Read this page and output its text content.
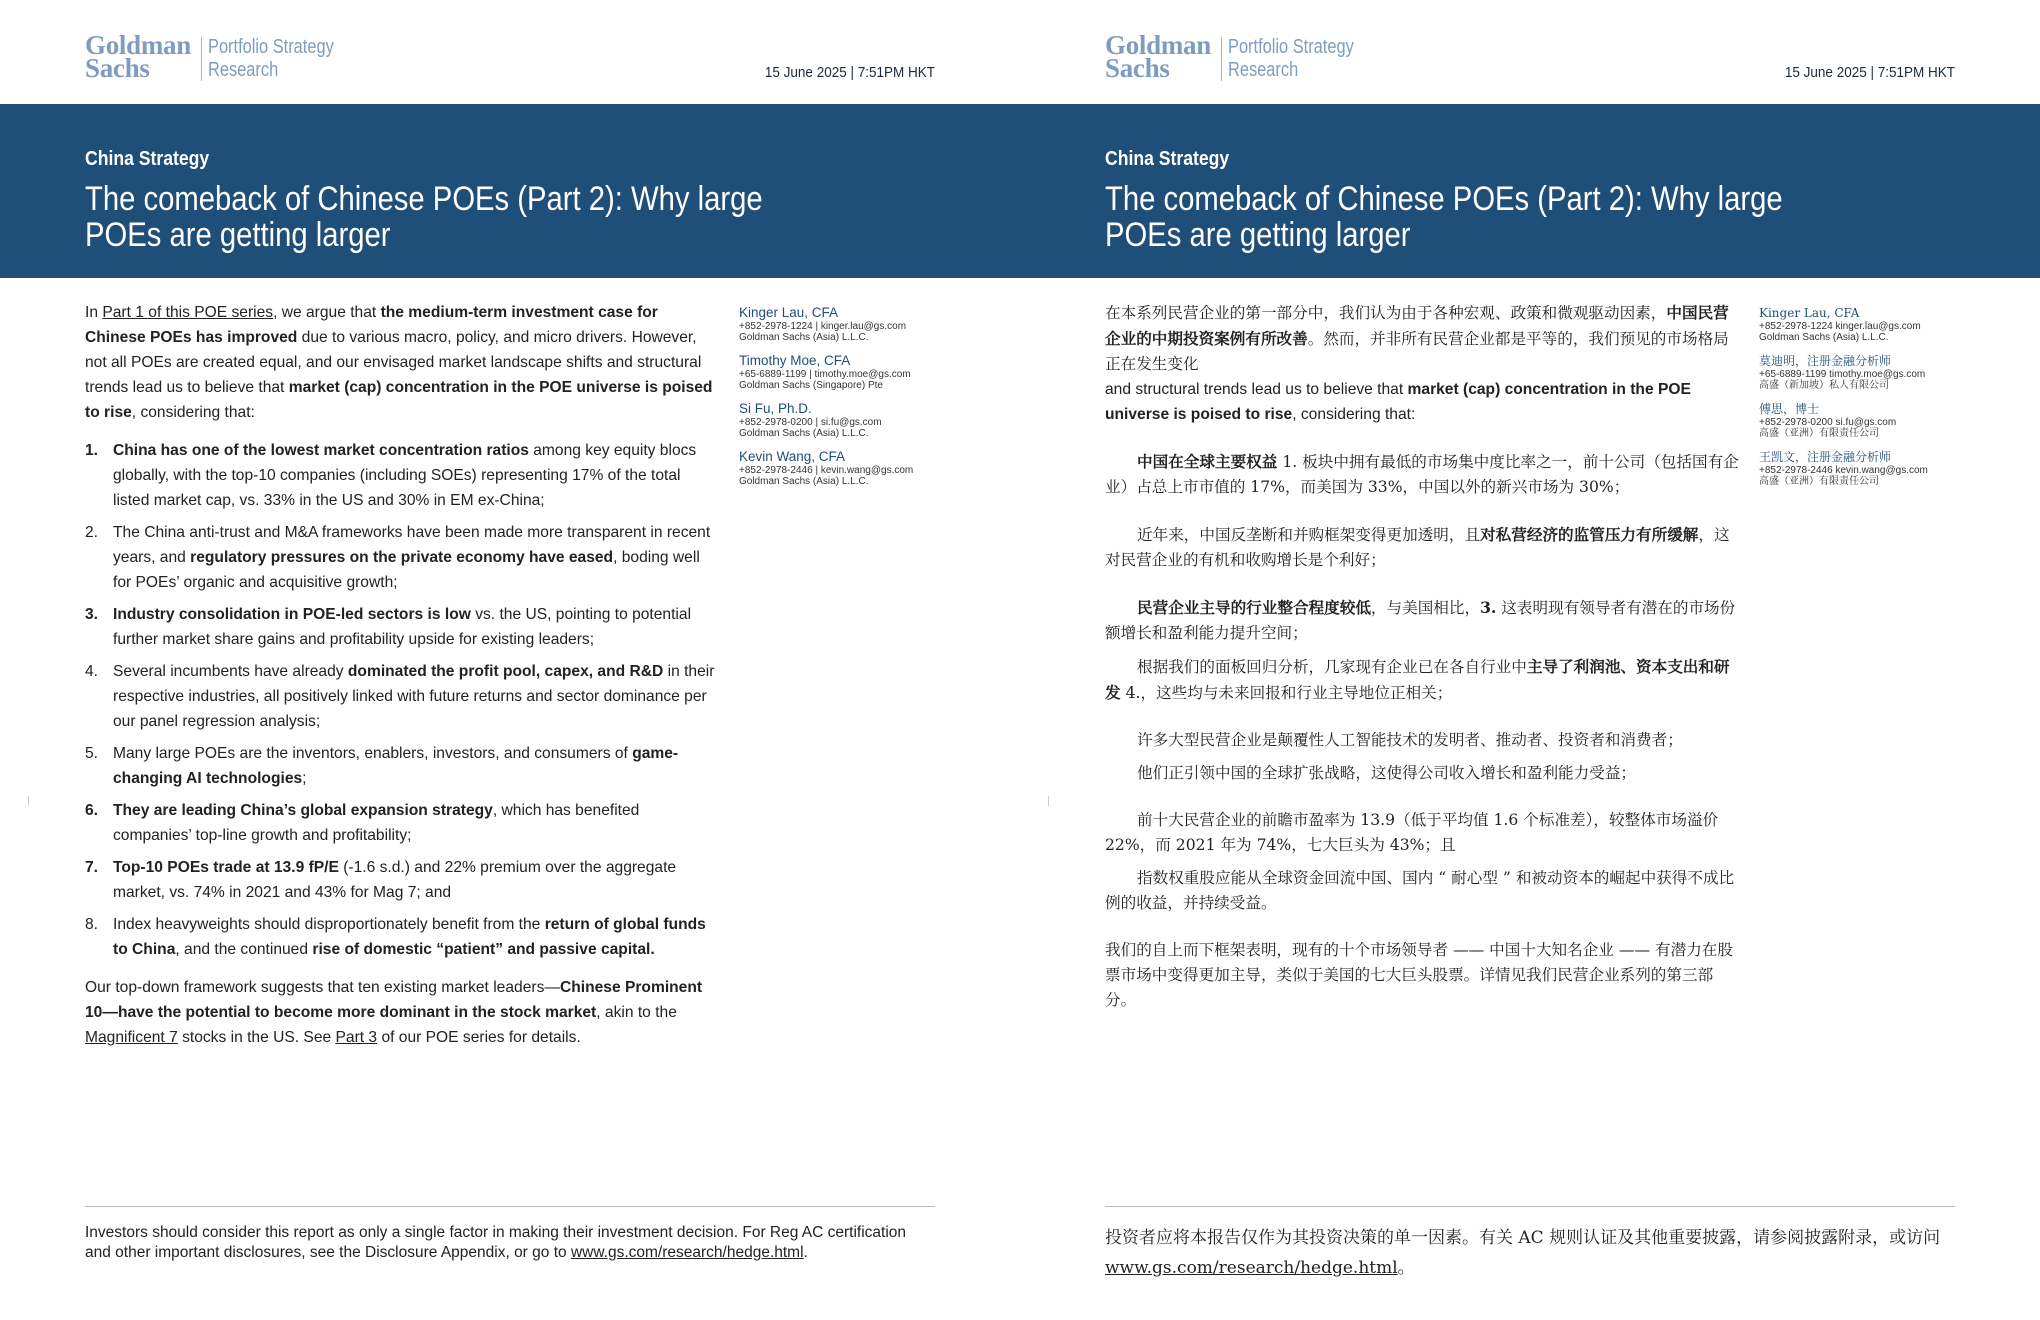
Goldman
Sachs
Portfolio Strategy
Research	15 June 2025 | 7:51PM HKT
China Strategy
The comeback of Chinese POEs (Part 2): Why large POEs are getting larger

In Part 1 of this POE series, we argue that the medium-term investment case for Chinese POEs has improved due to various macro, policy, and micro drivers. However, not all POEs are created equal, and our envisaged market landscape shifts and structural trends lead us to believe that market (cap) concentration in the POE universe is poised to rise, considering that:

1. China has one of the lowest market concentration ratios among key equity blocs globally, with the top-10 companies (including SOEs) representing 17% of the total listed market cap, vs. 33% in the US and 30% in EM ex-China;
2. The China anti-trust and M&A frameworks have been made more transparent in recent years, and regulatory pressures on the private economy have eased, boding well for POEs’ organic and acquisitive growth;
3. Industry consolidation in POE-led sectors is low vs. the US, pointing to potential further market share gains and profitability upside for existing leaders;
4. Several incumbents have already dominated the profit pool, capex, and R&D in their respective industries, all positively linked with future returns and sector dominance per our panel regression analysis;
5. Many large POEs are the inventors, enablers, investors, and consumers of game-changing AI technologies;
6. They are leading China’s global expansion strategy, which has benefited companies’ top-line growth and profitability;
7. Top-10 POEs trade at 13.9 fP/E (-1.6 s.d.) and 22% premium over the aggregate market, vs. 74% in 2021 and 43% for Mag 7; and
8. Index heavyweights should disproportionately benefit from the return of global funds to China, and the continued rise of domestic “patient” and passive capital.

Our top-down framework suggests that ten existing market leaders—Chinese Prominent 10—have the potential to become more dominant in the stock market, akin to the Magnificent 7 stocks in the US. See Part 3 of our POE series for details.

Kinger Lau, CFA
+852-2978-1224 | kinger.lau@gs.com
Goldman Sachs (Asia) L.L.C.
Timothy Moe, CFA
+65-6889-1199 | timothy.moe@gs.com
Goldman Sachs (Singapore) Pte
Si Fu, Ph.D.
+852-2978-0200 | si.fu@gs.com
Goldman Sachs (Asia) L.L.C.
Kevin Wang, CFA
+852-2978-2446 | kevin.wang@gs.com
Goldman Sachs (Asia) L.L.C.
Investors should consider this report as only a single factor in making their investment decision. For Reg AC certification and other important disclosures, see the Disclosure Appendix, or go to www.gs.com/research/hedge.html.
Goldman
Sachs
Portfolio Strategy
Research	15 June 2025 | 7:51PM HKT
China Strategy
The comeback of Chinese POEs (Part 2): Why large POEs are getting larger

在本系列民营企业的第一部分中，我们认为由于各种宏观、政策和微观驱动因素，中国民营企业的中期投资案例有所改善。然而，并非所有民营企业都是平等的，我们预见的市场格局正在发生变化

and structural trends lead us to believe that market (cap) concentration in the POE universe is poised to rise, considering that:

中国在全球主要权益 1. 板块中拥有最低的市场集中度比率之一，前十公司（包括国有企业）占总上市市值的 17%，而美国为 33%，中国以外的新兴市场为 30%；

近年来，中国反垄断和并购框架变得更加透明，且对私营经济的监管压力有所缓解，这对民营企业的有机和收购增长是个利好；

民营企业主导的行业整合程度较低，与美国相比，3. 这表明现有领导者有潜在的市场份额增长和盈利能力提升空间；

根据我们的面板回归分析，几家现有企业已在各自行业中主导了利润池、资本支出和研发 4.，这些均与未来回报和行业主导地位正相关；

许多大型民营企业是颠覆性人工智能技术的发明者、推动者、投资者和消费者；

他们正引领中国的全球扩张战略，这使得公司收入增长和盈利能力受益；

前十大民营企业的前瞻市盈率为 13.9（低于平均值 1.6 个标准差），较整体市场溢价 22%，而 2021 年为 74%，七大巨头为 43%；且

指数权重股应能从全球资金回流中国、国内 “ 耐心型 ” 和被动资本的崛起中获得不成比例的收益，并持续受益。

我们的自上而下框架表明，现有的十个市场领导者 —— 中国十大知名企业 —— 有潜力在股票市场中变得更加主导，类似于美国的七大巨头股票。详情见我们民营企业系列的第三部分。

Kinger Lau, CFA
+852-2978-1224 kinger.lau@gs.com
Goldman Sachs (Asia) L.L.C.
莫迪明，注册金融分析师
+65-6889-1199 timothy.moe@gs.com
高盛（新加坡）私人有限公司
傅思，博士
+852-2978-0200 si.fu@gs.com
高盛（亚洲）有限责任公司
王凯文，注册金融分析师
+852-2978-2446 kevin.wang@gs.com
高盛（亚洲）有限责任公司
投资者应将本报告仅作为其投资决策的单一因素。有关 AC 规则认证及其他重要披露，请参阅披露附录，或访问 www.gs.com/research/hedge.html。
